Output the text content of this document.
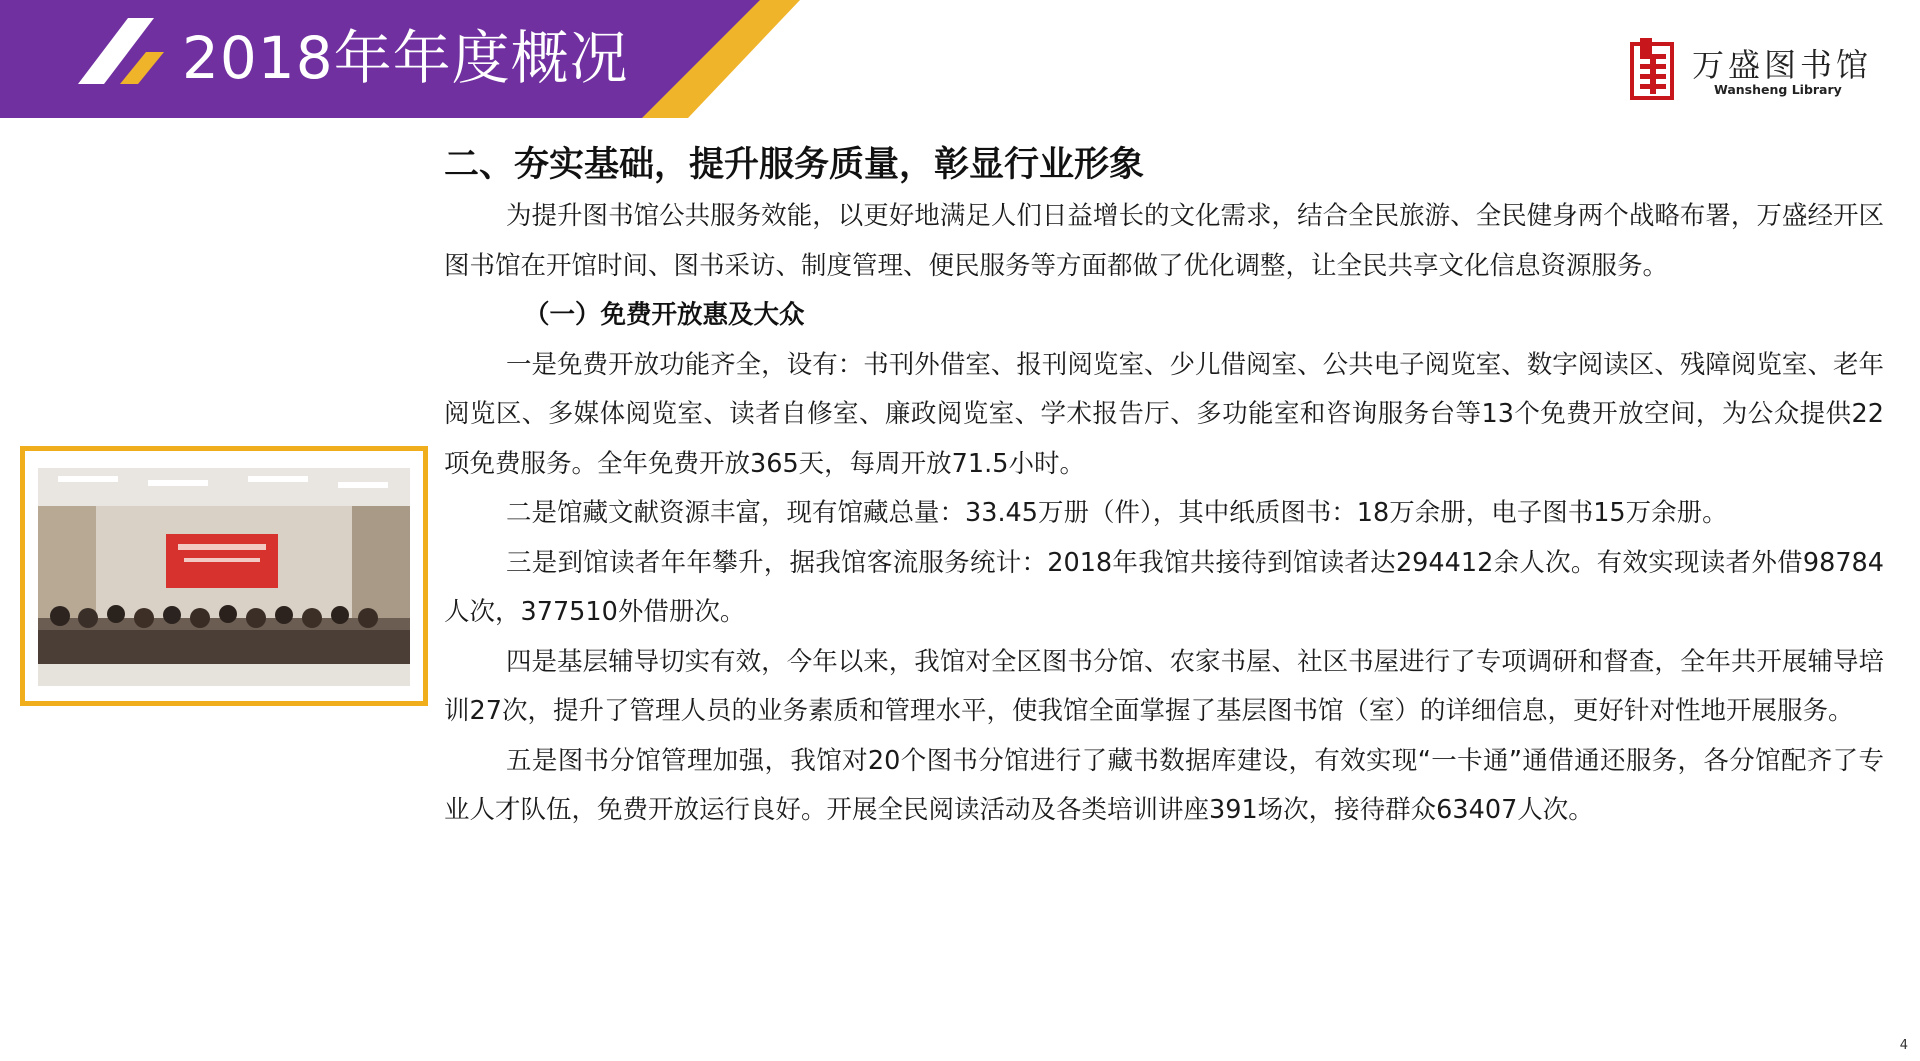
2018年年度概况	万盛图书馆
Wansheng Library
二、夯实基础，提升服务质量，彰显行业形象

为提升图书馆公共服务效能，以更好地满足人们日益增长的文化需求，结合全民旅游、全民健身两个战略布署，万盛经开区图书馆在开馆时间、图书采访、制度管理、便民服务等方面都做了优化调整，让全民共享文化信息资源服务。

（一）免费开放惠及大众

一是免费开放功能齐全，设有：书刊外借室、报刊阅览室、少儿借阅室、公共电子阅览室、数字阅读区、残障阅览室、老年阅览区、多媒体阅览室、读者自修室、廉政阅览室、学术报告厅、多功能室和咨询服务台等13个免费开放空间，为公众提供22项免费服务。全年免费开放365天，每周开放71.5小时。

二是馆藏文献资源丰富，现有馆藏总量：33.45万册（件），其中纸质图书：18万余册，电子图书15万余册。

三是到馆读者年年攀升，据我馆客流服务统计：2018年我馆共接待到馆读者达294412余人次。有效实现读者外借98784人次，377510外借册次。

四是基层辅导切实有效，今年以来，我馆对全区图书分馆、农家书屋、社区书屋进行了专项调研和督查，全年共开展辅导培训27次，提升了管理人员的业务素质和管理水平，使我馆全面掌握了基层图书馆（室）的详细信息，更好针对性地开展服务。

五是图书分馆管理加强，我馆对20个图书分馆进行了藏书数据库建设，有效实现“一卡通”通借通还服务，各分馆配齐了专业人才队伍，免费开放运行良好。开展全民阅读活动及各类培训讲座391场次，接待群众63407人次。

4
